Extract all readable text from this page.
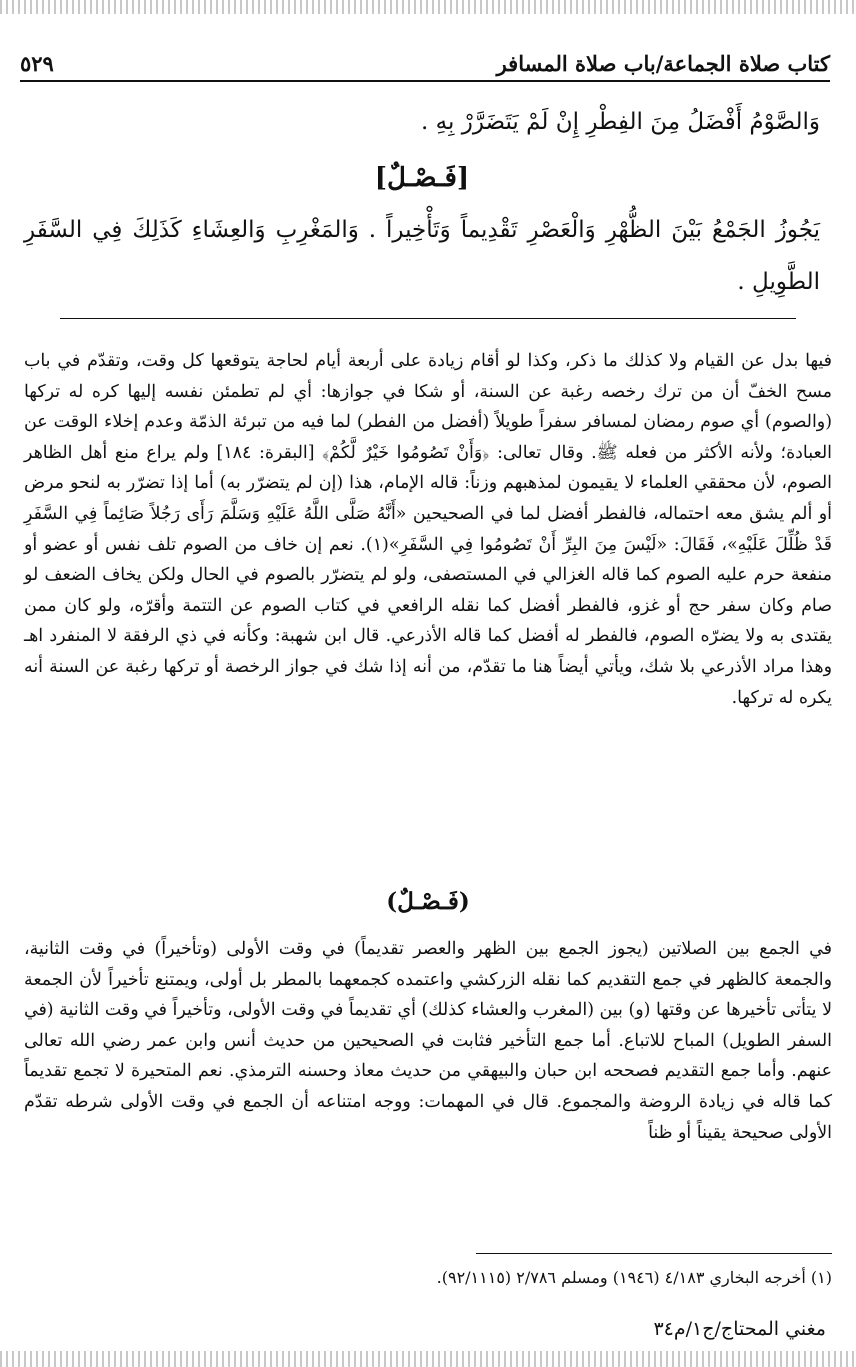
كتاب صلاة الجماعة/باب صلاة المسافر
٥٢٩

وَالصَّوْمُ أَفْضَلُ مِنَ الفِطْرِ إِنْ لَمْ يَتَضَرَّرْ بِهِ .

[فَـصْـلٌ]

يَجُوزُ الجَمْعُ بَيْنَ الظُّهْرِ وَالْعَصْرِ تَقْدِيماً وَتَأْخِيراً . وَالمَغْرِبِ وَالعِشَاءِ كَذَلِكَ فِي السَّفَرِ الطَّوِيلِ .

فيها بدل عن القيام ولا كذلك ما ذكر، وكذا لو أقام زيادة على أربعة أيام لحاجة يتوقعها كل وقت، وتقدّم في باب مسح الخفّ أن من ترك رخصه رغبة عن السنة، أو شكا في جوازها: أي لم تطمئن نفسه إليها كره له تركها (والصوم) أي صوم رمضان لمسافر سفراً طويلاً (أفضل من الفطر) لما فيه من تبرئة الذمّة وعدم إخلاء الوقت عن العبادة؛ ولأنه الأكثر من فعله ﷺ. وقال تعالى: ﴿وَأَنْ تَصُومُوا خَيْرٌ لَّكُمْ﴾ [البقرة: ١٨٤] ولم يراع منع أهل الظاهر الصوم، لأن محققي العلماء لا يقيمون لمذهبهم وزناً: قاله الإمام، هذا (إن لم يتضرّر به) أما إذا تضرّر به لنحو مرض أو ألم يشق معه احتماله، فالفطر أفضل لما في الصحيحين «أَنَّهُ صَلَّى اللَّهُ عَلَيْهِ وَسَلَّمَ رَأَى رَجُلاً صَائِماً فِي السَّفَرِ قَدْ ظُلِّلَ عَلَيْهِ»، فَقَالَ: «لَيْسَ مِنَ البِرِّ أَنْ تَصُومُوا فِي السَّفَرِ»(١). نعم إن خاف من الصوم تلف نفس أو عضو أو منفعة حرم عليه الصوم كما قاله الغزالي في المستصفى، ولو لم يتضرّر بالصوم في الحال ولكن يخاف الضعف لو صام وكان سفر حج أو غزو، فالفطر أفضل كما نقله الرافعي في كتاب الصوم عن التتمة وأقرّه، ولو كان ممن يقتدى به ولا يضرّه الصوم، فالفطر له أفضل كما قاله الأذرعي. قال ابن شهبة: وكأنه في ذي الرفقة لا المنفرد اهـ وهذا مراد الأذرعي بلا شك، ويأتي أيضاً هنا ما تقدّم، من أنه إذا شك في جواز الرخصة أو تركها رغبة عن السنة أنه يكره له تركها.

(فَـصْـلٌ)

في الجمع بين الصلاتين (يجوز الجمع بين الظهر والعصر تقديماً) في وقت الأولى (وتأخيراً) في وقت الثانية، والجمعة كالظهر في جمع التقديم كما نقله الزركشي واعتمده كجمعهما بالمطر بل أولى، ويمتنع تأخيراً لأن الجمعة لا يتأتى تأخيرها عن وقتها (و) بين (المغرب والعشاء كذلك) أي تقديماً في وقت الأولى، وتأخيراً في وقت الثانية (في السفر الطويل) المباح للاتباع. أما جمع التأخير فثابت في الصحيحين من حديث أنس وابن عمر رضي الله تعالى عنهم. وأما جمع التقديم فصححه ابن حبان والبيهقي من حديث معاذ وحسنه الترمذي. نعم المتحيرة لا تجمع تقديماً كما قاله في زيادة الروضة والمجموع. قال في المهمات: ووجه امتناعه أن الجمع في وقت الأولى شرطه تقدّم الأولى صحيحة يقيناً أو ظناً

(١) أخرجه البخاري ٤/١٨٣ (١٩٤٦) ومسلم ٢/٧٨٦ (٩٢/١١١٥).
مغني المحتاج/ج١/م٣٤
